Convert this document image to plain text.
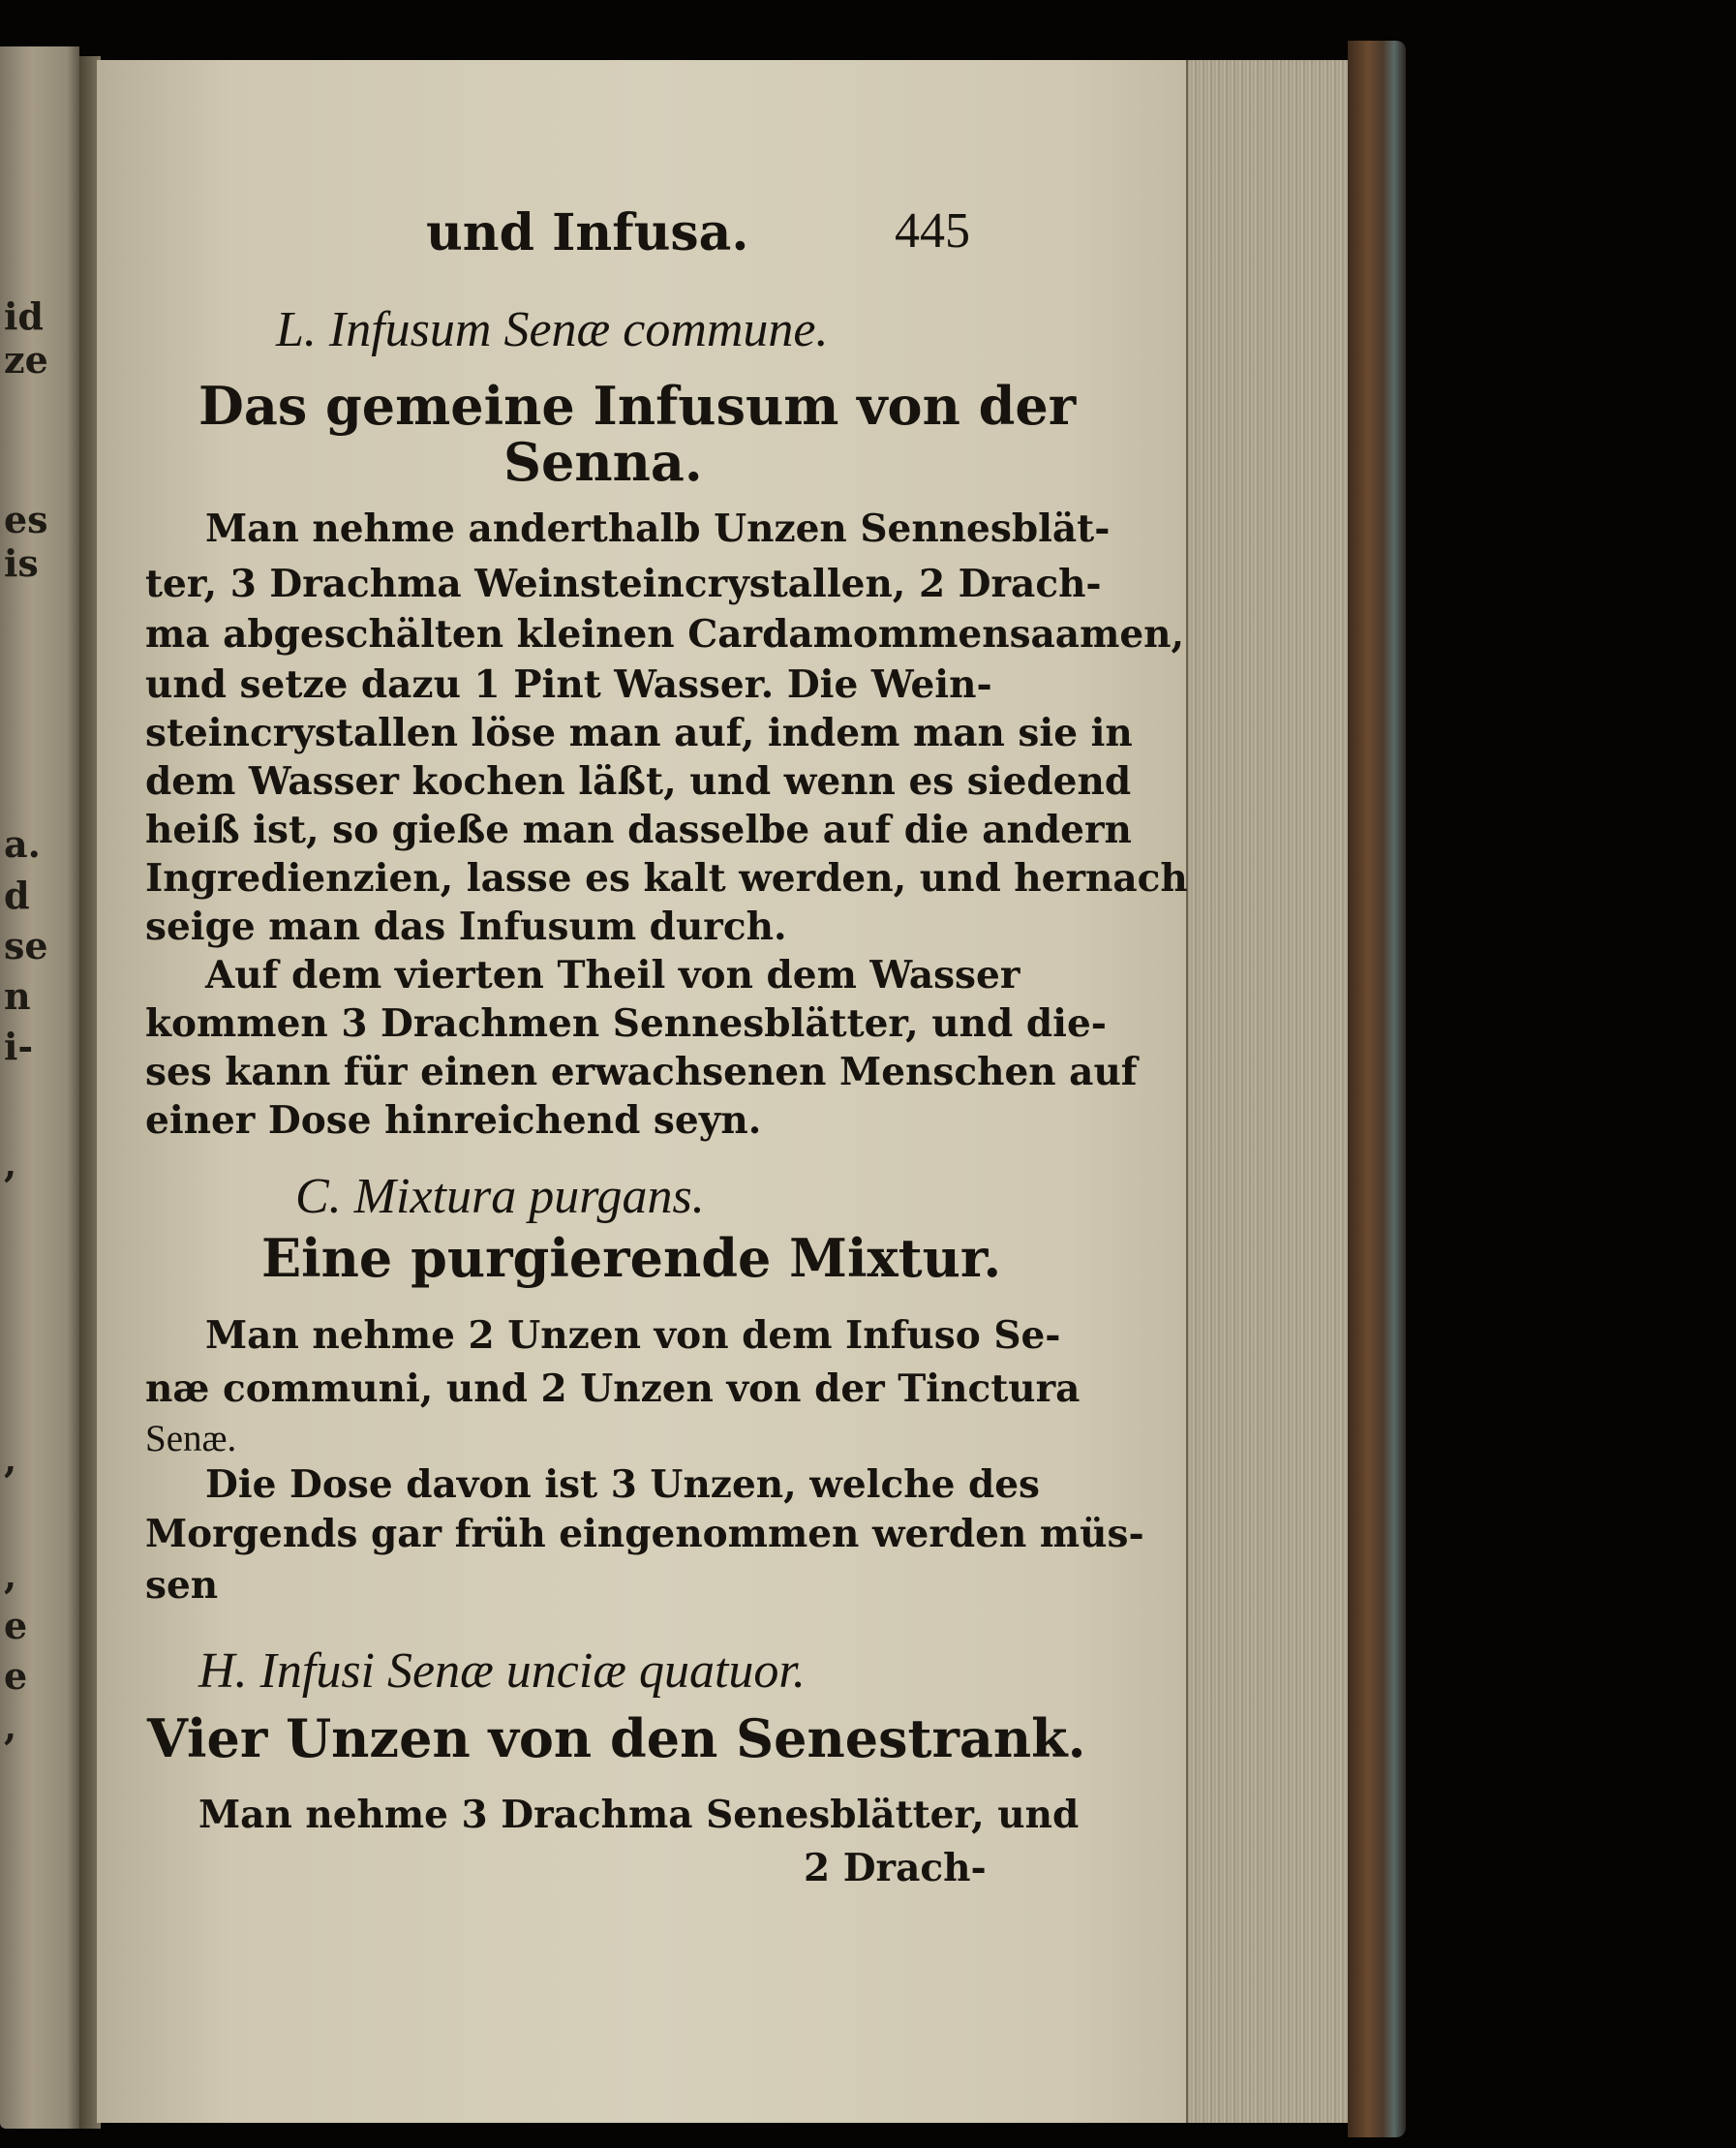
id
ze
es
is
a.
d
se
n
i-
,
,
,
e
e
,
und Infusa.	445
L. Infusum Senæ commune.
Das gemeine Infusum von der
Senna.
Man nehme anderthalb Unzen Sennesblät-
ter, 3 Drachma Weinsteincrystallen, 2 Drach-
ma abgeschälten kleinen Cardamommensaamen,
und setze dazu 1 Pint Wasser. Die Wein-
steincrystallen löse man auf, indem man sie in
dem Wasser kochen läßt, und wenn es siedend
heiß ist, so gieße man dasselbe auf die andern
Ingredienzien, lasse es kalt werden, und hernach
seige man das Infusum durch.
Auf dem vierten Theil von dem Wasser
kommen 3 Drachmen Sennesblätter, und die-
ses kann für einen erwachsenen Menschen auf
einer Dose hinreichend seyn.
C. Mixtura purgans.
Eine purgierende Mixtur.
Man nehme 2 Unzen von dem Infuso Se-
næ communi, und 2 Unzen von der Tinctura
Senæ.
Die Dose davon ist 3 Unzen, welche des
Morgends gar früh eingenommen werden müs-
sen
H. Infusi Senæ unciæ quatuor.
Vier Unzen von den Senestrank.
Man nehme 3 Drachma Senesblätter, und
2 Drach-
